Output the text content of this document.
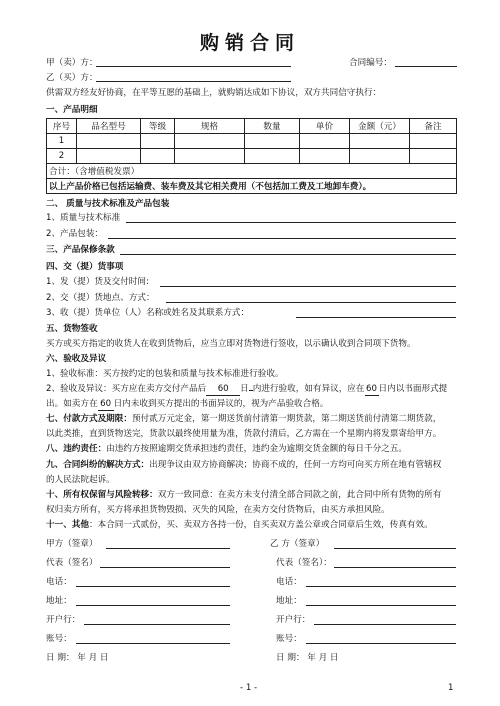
购销合同
甲（卖）方：	合同编号：
乙（买）方：
供需双方经友好协商，在平等互愿的基础上，就购销达成如下协议，双方共同信守执行：
一、产品明细
序号	品名型号	等级	规格	数量	单价	金额（元）	备注
1							
2							
合计：（含增值税发票）							
以上产品价格已包括运输费、装车费及其它相关费用（不包括加工费及工地卸车费）。							
二、 质量与技术标准及产品包装
1、质量与技术标准
2、产品包装：
三、产品保修条款
四、交（提）货事项
1、发（提）货及交付时间:
2、交（提）货地点、方式：
3、收（提）货单位（人）名称或姓名及其联系方式：
五、货物签收
买方或买方指定的收货人在收到货物后，应当立即对货物进行签收，以示确认收到合同项下货物。
六、验收及异议
1、验收标准：买方按约定的包装和质量与技术标准进行验收。
2、验收及异议：买方应在卖方交付产品后 60 日 内进行验收，如有异议，应在 60 日内以书面形式提
出。如卖方在 60 日内未收到买方提出的书面异议的，视为产品验收合格。
七、付款方式及期限：预付贰万元定金，第一期送货前付清第一期货款，第二期送货前付清第二期货款，
以此类推，直到货物送完，货款以最终使用量为准，货款付清后，乙方需在一个星期内将发票寄给甲方。
八、违约责任：由违约方按照逾期交货承担违约责任，违约金为逾期交货金额的每日千分之五。
九、合同纠纷的解决方式：出现争议由双方协商解决；协商不成的，任何一方均可向买方所在地有管辖权
的人民法院起诉。
十、所有权保留与风险转移：双方一致同意：在卖方未支付清全部合同款之前，此合同中所有货物的所有
权归卖方所有，买方将承担货物毁损、灭失的风险，在卖方交付货物后，由买方承担风险。
十一、其他：本合同一式贰份，买、卖双方各持一份，自买卖双方盖公章或合同章后生效，传真有效。
甲方（签章）
代表（签名）
电话：
地址：
开户行：
账号：
日 期： 年 月 日
乙 方（签章）
代表（签名）：
电话：
地址：
开户行：
账号：
日 期： 年 月 日
- 1 -	1
